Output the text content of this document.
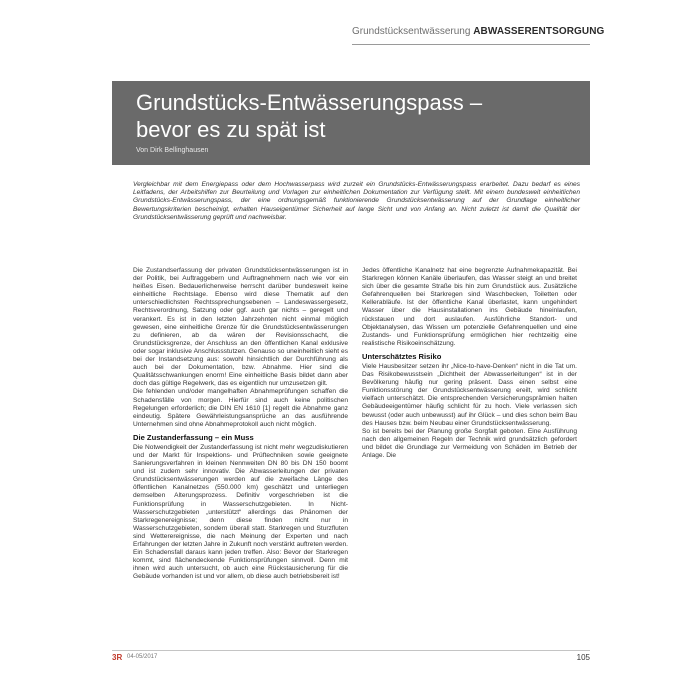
Grundstücksentwässerung ABWASSERENTSORGUNG
Grundstücks-Entwässerungspass –
bevor es zu spät ist
Von Dirk Bellinghausen

Vergleichbar mit dem Energiepass oder dem Hochwasserpass wird zurzeit ein Grundstücks-Entwässerungspass erarbeitet. Dazu bedarf es eines Leitfadens, der Arbeitshilfen zur Beurteilung und Vorlagen zur einheitlichen Dokumentation zur Verfügung stellt. Mit einem bundesweit einheitlichen Grundstücks-Entwässerungspass, der eine ordnungsgemäß funktionierende Grundstücksentwässerung auf der Grundlage einheitlicher Bewertungskriterien bescheinigt, erhalten Hauseigentümer Sicherheit auf lange Sicht und von Anfang an. Nicht zuletzt ist damit die Qualität der Grundstücksentwässerung geprüft und nachweisbar.

Die Zustandserfassung der privaten Grundstücksentwässerungen ist in der Politik, bei Auftraggebern und Auftragnehmern nach wie vor ein heißes Eisen. Bedauerlicherweise herrscht darüber bundesweit keine einheitliche Rechtslage. Ebenso wird diese Thematik auf den unterschiedlichsten Rechtssprechungsebenen – Landeswassergesetz, Rechtsverordnung, Satzung oder ggf. auch gar nichts – geregelt und verankert. Es ist in den letzten Jahrzehnten nicht einmal möglich gewesen, eine einheitliche Grenze für die Grundstücksentwässerungen zu definieren, ab da wären der Revisionsschacht, die Grundstücksgrenze, der Anschluss an den öffentlichen Kanal exklusive oder sogar inklusive Anschlussstutzen. Genauso so uneinheitlich sieht es bei der Instandsetzung aus: sowohl hinsichtlich der Durchführung als auch bei der Dokumentation, bzw. Abnahme. Hier sind die Qualitätsschwankungen enorm! Eine einheitliche Basis bildet dann aber doch das gültige Regelwerk, das es eigentlich nur umzusetzen gilt.

Die fehlenden und/oder mangelhaften Abnahmeprüfungen schaffen die Schadensfälle von morgen. Hierfür sind auch keine politischen Regelungen erforderlich; die DIN EN 1610 [1] regelt die Abnahme ganz eindeutig. Spätere Gewährleistungsansprüche an das ausführende Unternehmen sind ohne Abnahmeprotokoll auch nicht möglich.

Die Zustanderfassung – ein Muss

Die Notwendigkeit der Zustanderfassung ist nicht mehr wegzudiskutieren und der Markt für Inspektions- und Prüftechniken sowie geeignete Sanierungsverfahren in kleinen Nennweiten DN 80 bis DN 150 boomt und ist zudem sehr innovativ. Die Abwasserleitungen der privaten Grundstücksentwässerungen werden auf die zweifache Länge des öffentlichen Kanalnetzes (550.000 km) geschätzt und unterliegen demselben Alterungsprozess. Definitiv vorgeschrieben ist die Funktionsprüfung in Wasserschutzgebieten. In Nicht-Wasserschutzgebieten „unterstützt“ allerdings das Phänomen der Starkregenereignisse; denn diese finden nicht nur in Wasserschutzgebieten, sondern überall statt. Starkregen und Sturzfluten sind Wetterereignisse, die nach Meinung der Experten und nach Erfahrungen der letzten Jahre in Zukunft noch verstärkt auftreten werden. Ein Schadensfall daraus kann jeden treffen. Also: Bevor der Starkregen kommt, sind flächendeckende Funktionsprüfungen sinnvoll. Denn mit ihnen wird auch untersucht, ob auch eine Rückstausicherung für die Gebäude vorhanden ist und vor allem, ob diese auch betriebsbereit ist!

Jedes öffentliche Kanalnetz hat eine begrenzte Aufnahmekapazität. Bei Starkregen können Kanäle überlaufen, das Wasser steigt an und breitet sich über die gesamte Straße bis hin zum Grundstück aus. Zusätzliche Gefahrenquellen bei Starkregen sind Waschbecken, Toiletten oder Kellerabläufe. Ist der öffentliche Kanal überlastet, kann ungehindert Wasser über die Hausinstallationen ins Gebäude hineinlaufen, rückstauen und dort auslaufen. Ausführliche Standort- und Objektanalysen, das Wissen um potenzielle Gefahrenquellen und eine Zustands- und Funktionsprüfung ermöglichen hier rechtzeitig eine realistische Risikoeinschätzung.

Unterschätztes Risiko

Viele Hausbesitzer setzen ihr „Nice-to-have-Denken“ nicht in die Tat um. Das Risikobewusstsein „Dichtheit der Abwasserleitungen“ ist in der Bevölkerung häufig nur gering präsent. Dass einen selbst eine Funktionsstörung der Grundstücksentwässerung ereilt, wird schlicht vielfach unterschätzt. Die entsprechenden Versicherungsprämien halten Gebäudeeigentümer häufig schlicht für zu hoch. Viele verlassen sich bewusst (oder auch unbewusst) auf ihr Glück – und dies schon beim Bau des Hauses bzw. beim Neubau einer Grundstücksentwässerung.

So ist bereits bei der Planung große Sorgfalt geboten. Eine Ausführung nach den allgemeinen Regeln der Technik wird grundsätzlich gefordert und bildet die Grundlage zur Vermeidung von Schäden im Betrieb der Anlage. Die

3R 04-05/2017	105
